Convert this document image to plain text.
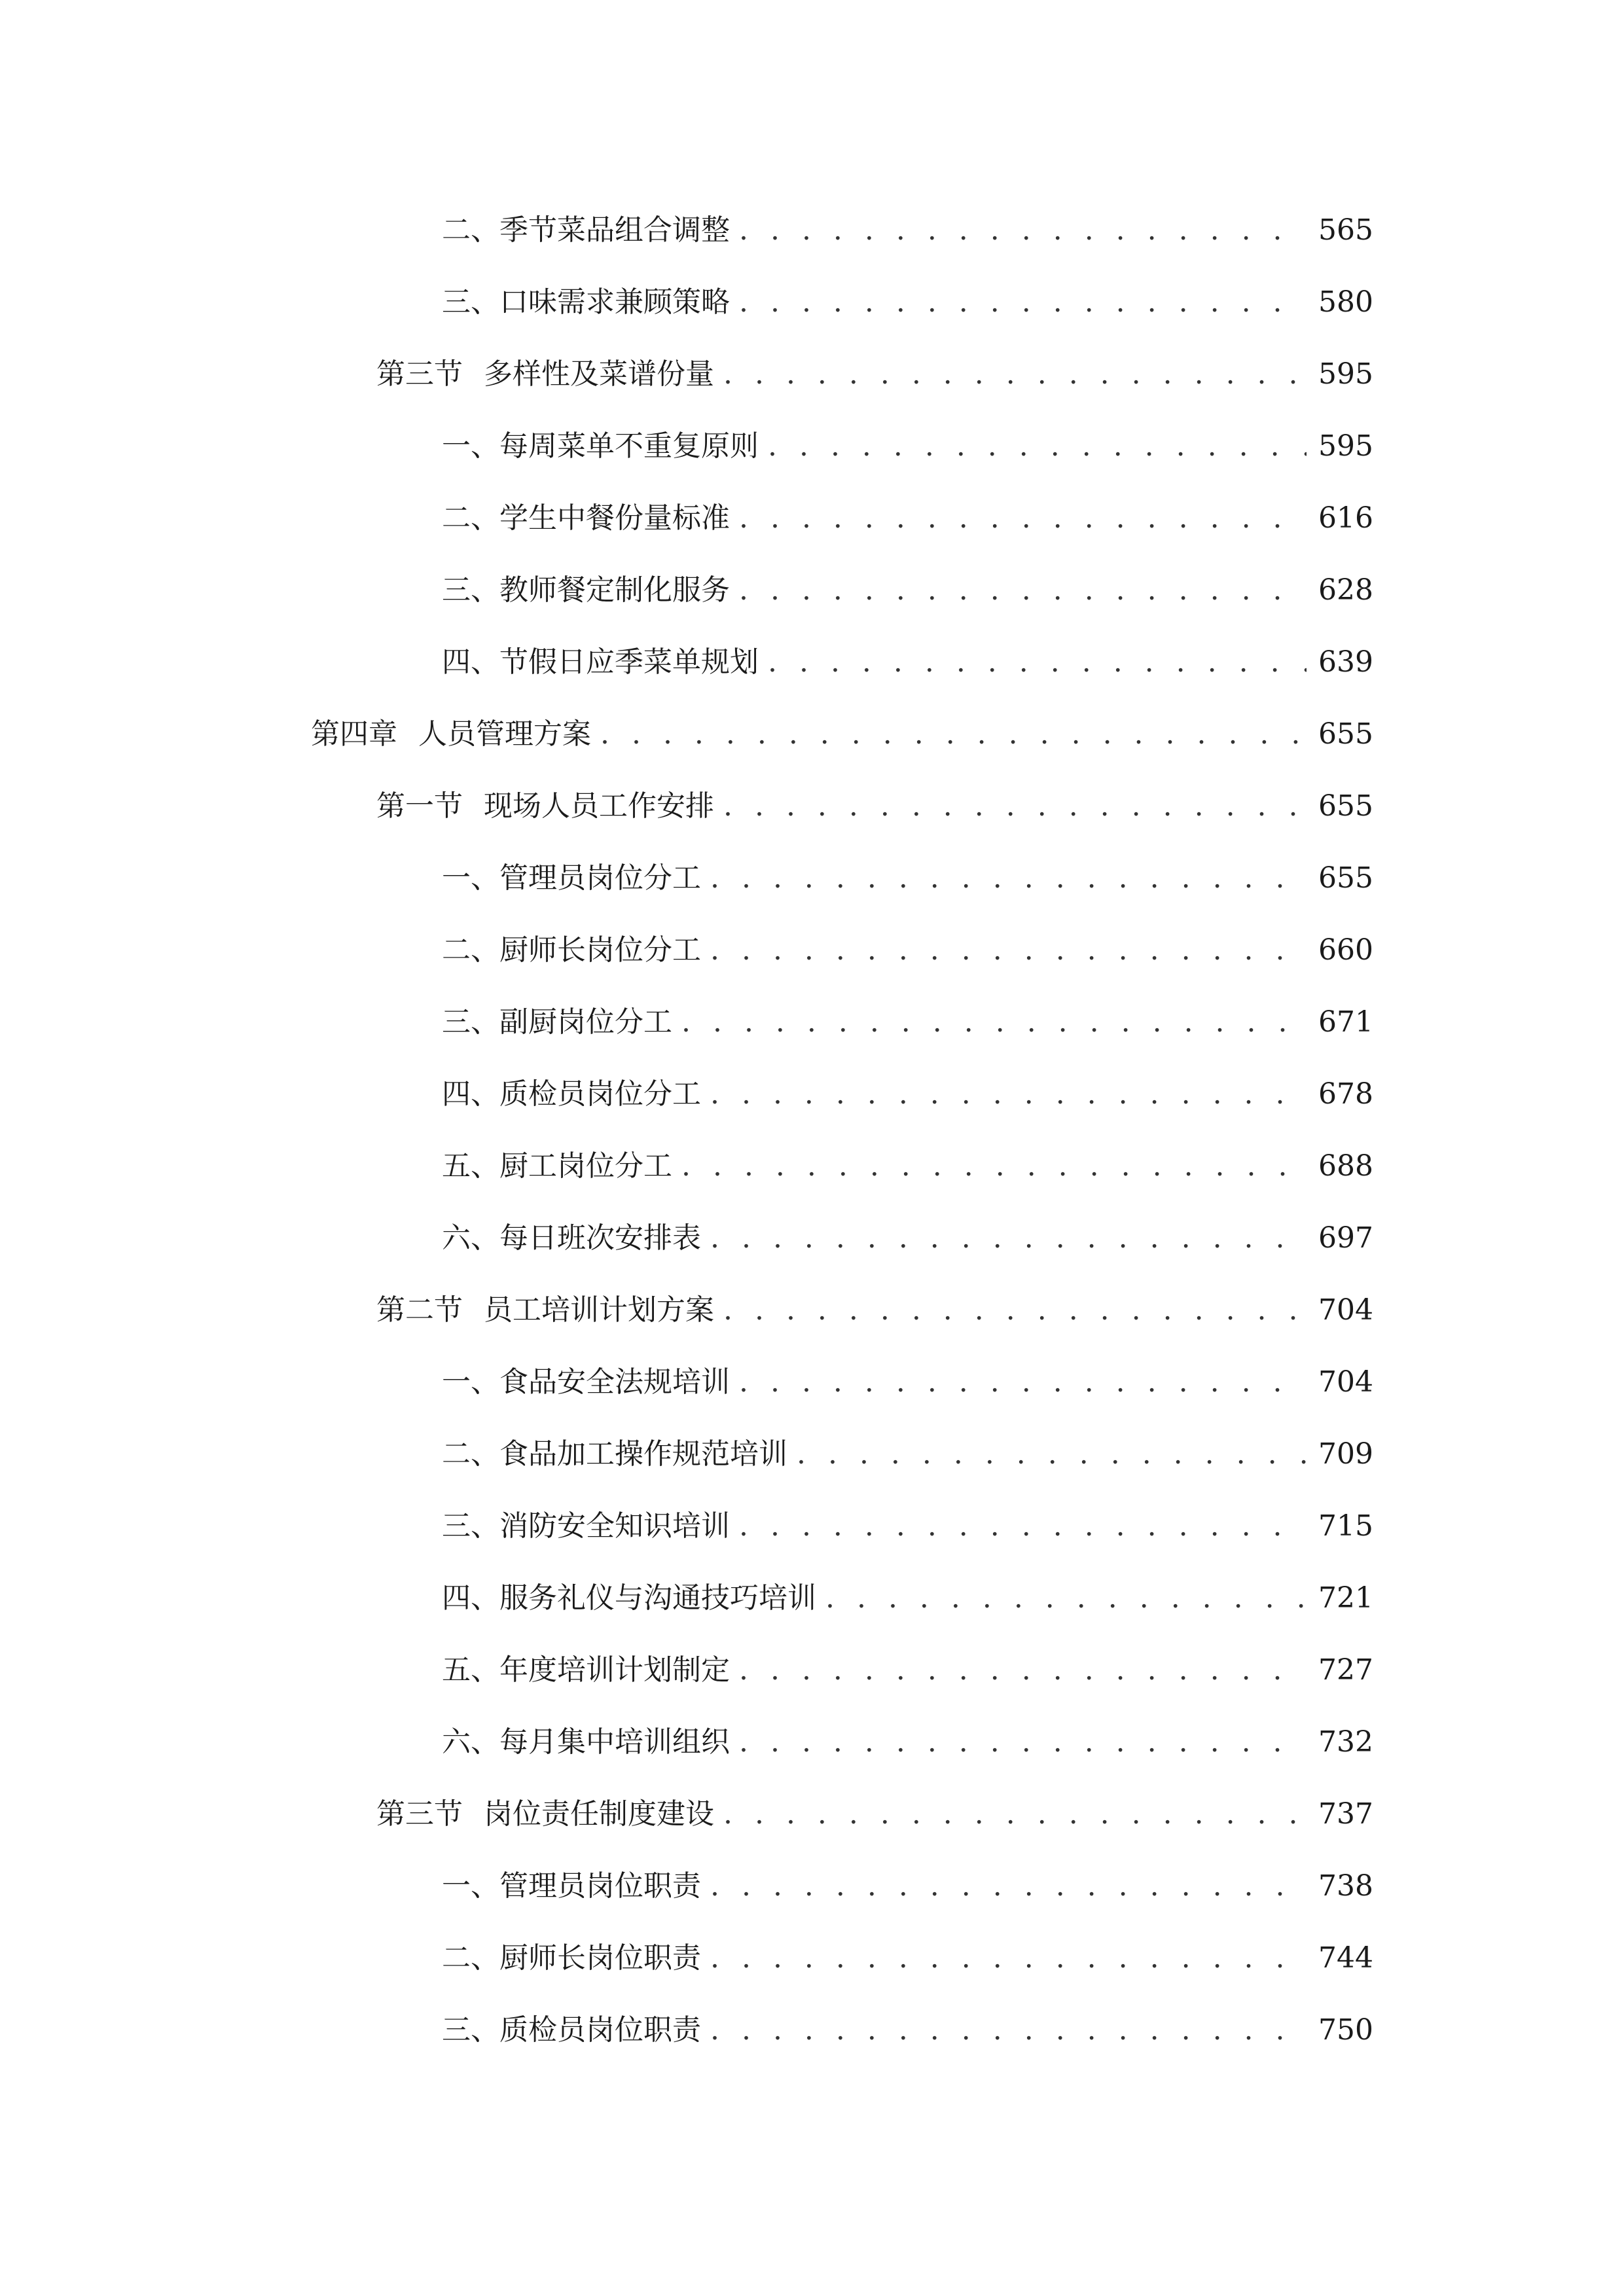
二、 季节菜品组合调整 . . .	565
三、 口味需求兼顾策略 . . .	580
第三节 多样性及菜谱份量 . . .	595
一、 每周菜单不重复原则 . . .	595
二、 学生中餐份量标准 . . .	616
三、 教师餐定制化服务 . . .	628
四、 节假日应季菜单规划 . . .	639
第四章 人员管理方案 . . .	655
第一节 现场人员工作安排 . . .	655
一、 管理员岗位分工 . . .	655
二、 厨师长岗位分工 . . .	660
三、 副厨岗位分工 . . .	671
四、 质检员岗位分工 . . .	678
五、 厨工岗位分工 . . .	688
六、 每日班次安排表 . . .	697
第二节 员工培训计划方案 . . .	704
一、 食品安全法规培训 . . .	704
二、 食品加工操作规范培训 . . .	709
三、 消防安全知识培训 . . .	715
四、 服务礼仪与沟通技巧培训 . . .	721
五、 年度培训计划制定 . . .	727
六、 每月集中培训组织 . . .	732
第三节 岗位责任制度建设 . . .	737
一、 管理员岗位职责 . . .	738
二、 厨师长岗位职责 . . .	744
三、 质检员岗位职责 . . .	750
